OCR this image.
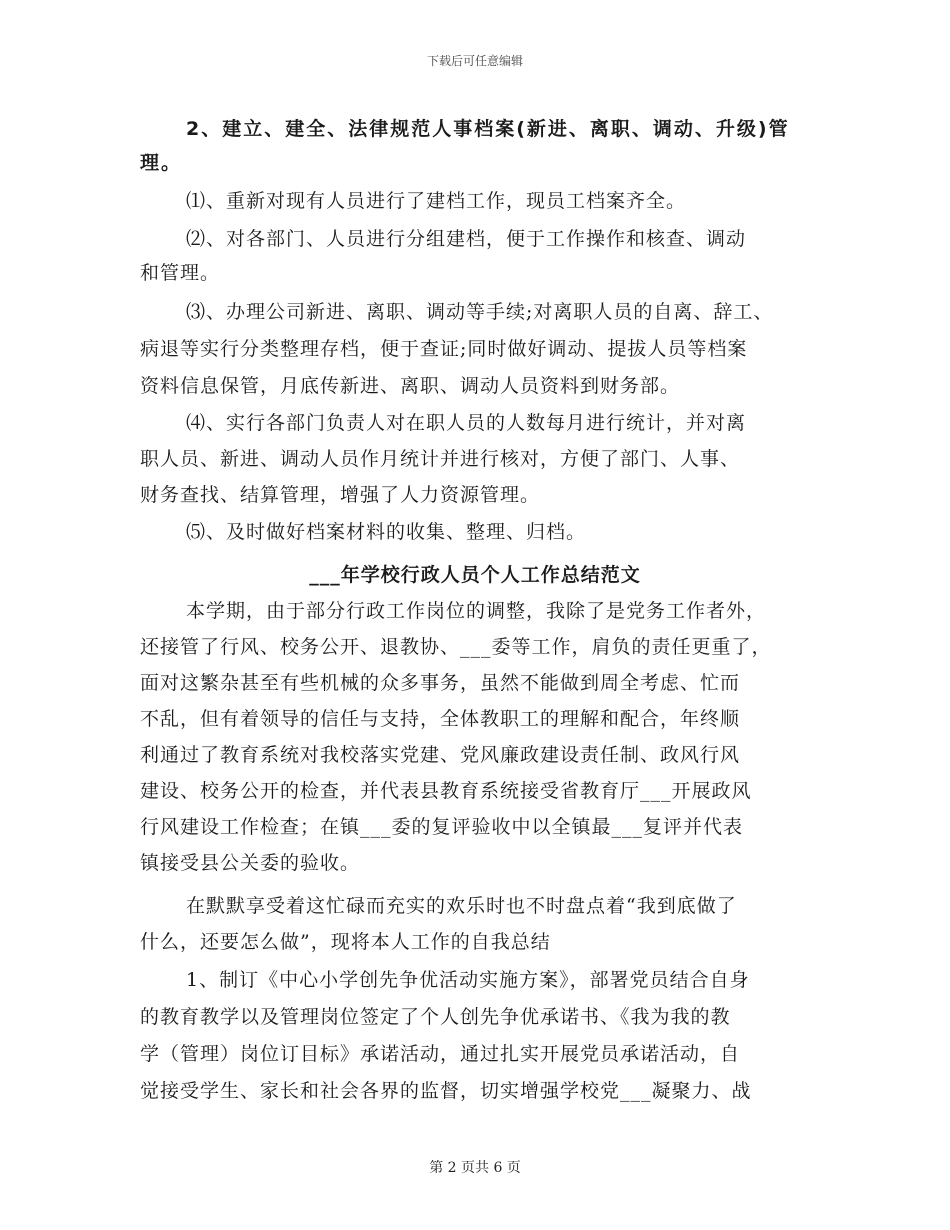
下载后可任意编辑
2、建立、建全、法律规范人事档案(新进、离职、调动、升级)管
理。
⑴、重新对现有人员进行了建档工作，现员工档案齐全。
⑵、对各部门、人员进行分组建档，便于工作操作和核查、调动
和管理。
⑶、办理公司新进、离职、调动等手续;对离职人员的自离、辞工、
病退等实行分类整理存档，便于查证;同时做好调动、提拔人员等档案
资料信息保管，月底传新进、离职、调动人员资料到财务部。
⑷、实行各部门负责人对在职人员的人数每月进行统计，并对离
职人员、新进、调动人员作月统计并进行核对，方便了部门、人事、
财务查找、结算管理，增强了人力资源管理。
⑸、及时做好档案材料的收集、整理、归档。
___年学校行政人员个人工作总结范文
本学期，由于部分行政工作岗位的调整，我除了是党务工作者外，
还接管了行风、校务公开、退教协、___委等工作，肩负的责任更重了，
面对这繁杂甚至有些机械的众多事务，虽然不能做到周全考虑、忙而
不乱，但有着领导的信任与支持，全体教职工的理解和配合，年终顺
利通过了教育系统对我校落实党建、党风廉政建设责任制、政风行风
建设、校务公开的检查，并代表县教育系统接受省教育厅___开展政风
行风建设工作检查；在镇___委的复评验收中以全镇最___复评并代表
镇接受县公关委的验收。
在默默享受着这忙碌而充实的欢乐时也不时盘点着“我到底做了
什么，还要怎么做”，现将本人工作的自我总结
1、制订《中心小学创先争优活动实施方案》，部署党员结合自身
的教育教学以及管理岗位签定了个人创先争优承诺书、《我为我的教
学（管理）岗位订目标》承诺活动，通过扎实开展党员承诺活动，自
觉接受学生、家长和社会各界的监督，切实增强学校党___凝聚力、战
第 2 页共 6 页
